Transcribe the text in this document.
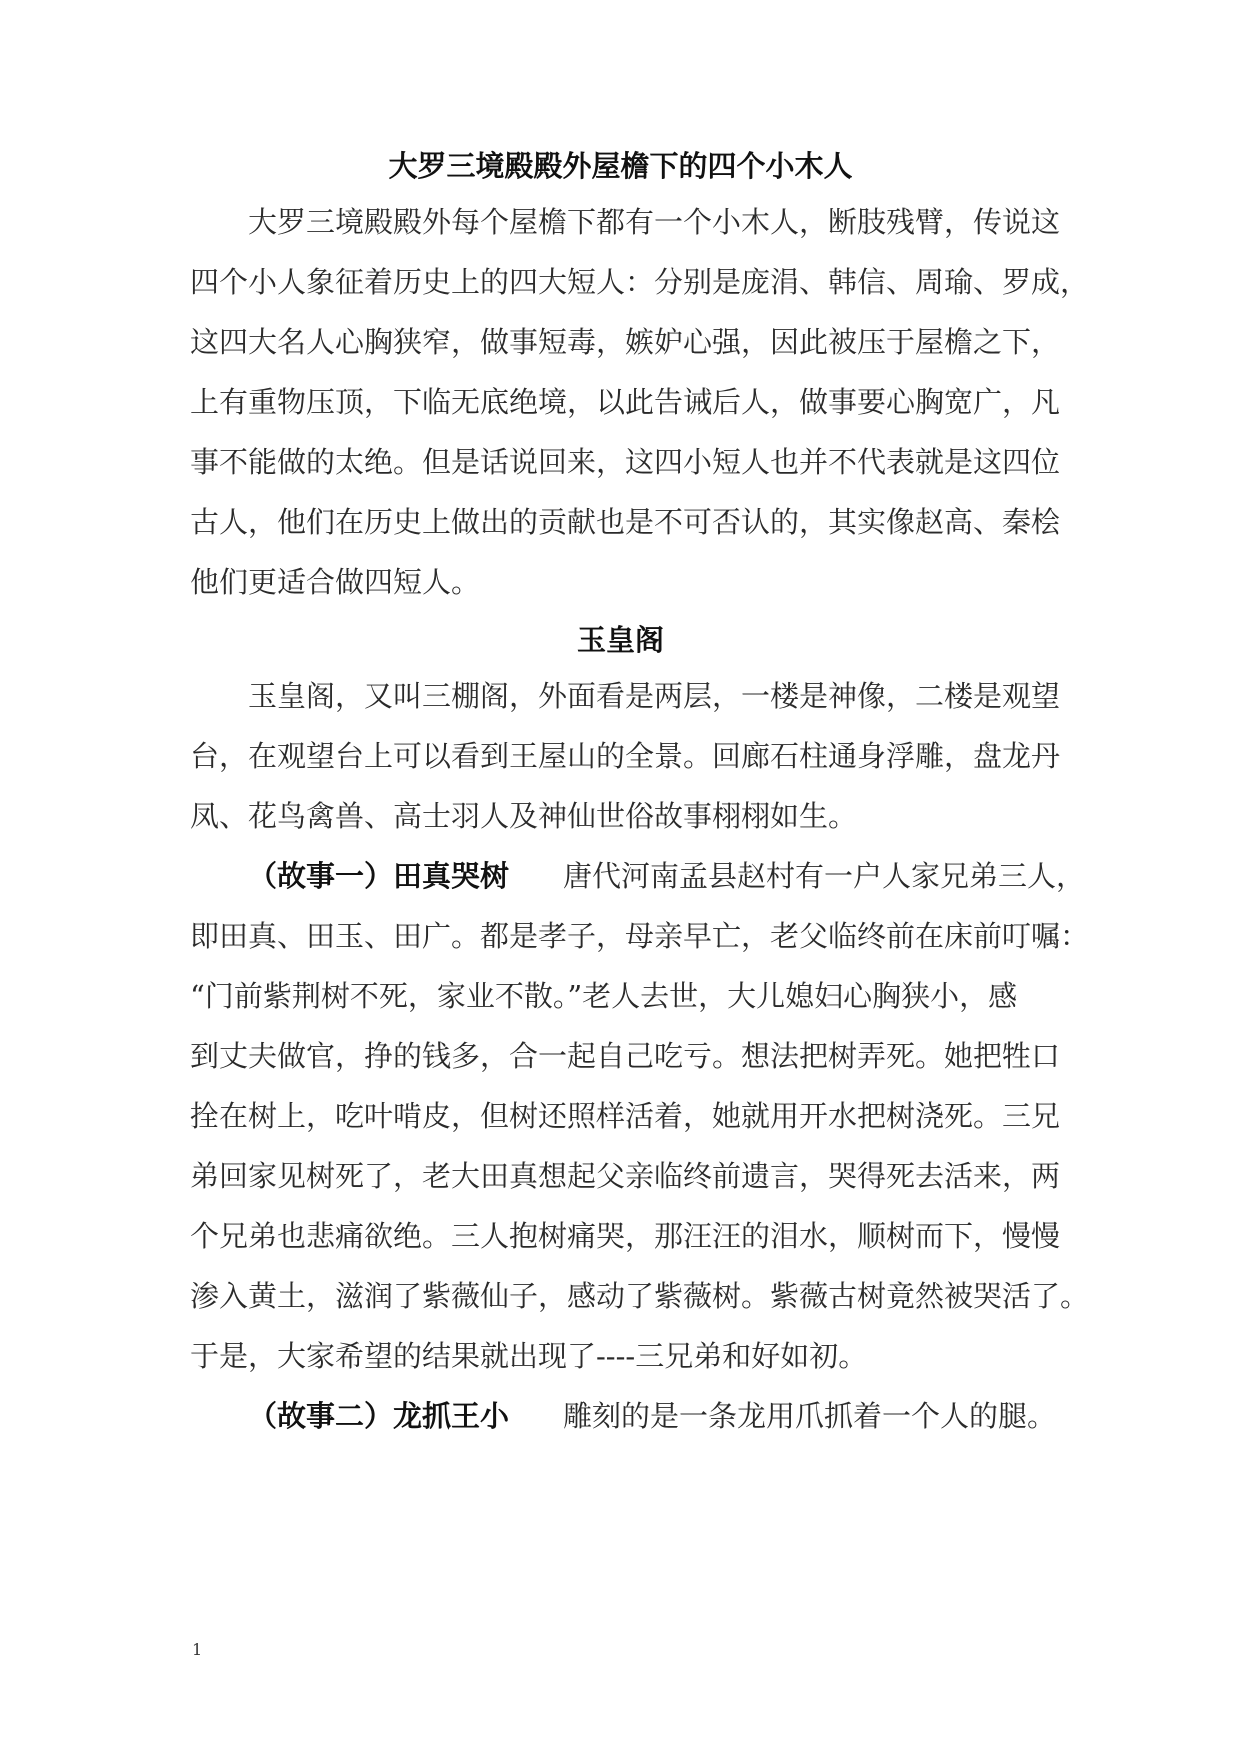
大罗三境殿殿外屋檐下的四个小木人
大罗三境殿殿外每个屋檐下都有一个小木人，断肢残臂，传说这
四个小人象征着历史上的四大短人：分别是庞涓、韩信、周瑜、罗成，
这四大名人心胸狭窄，做事短毒，嫉妒心强，因此被压于屋檐之下，
上有重物压顶，下临无底绝境，以此告诫后人，做事要心胸宽广，凡
事不能做的太绝。但是话说回来，这四小短人也并不代表就是这四位
古人，他们在历史上做出的贡献也是不可否认的，其实像赵高、秦桧
他们更适合做四短人。
玉皇阁
玉皇阁，又叫三棚阁，外面看是两层，一楼是神像，二楼是观望
台，在观望台上可以看到王屋山的全景。回廊石柱通身浮雕，盘龙丹
凤、花鸟禽兽、高士羽人及神仙世俗故事栩栩如生。
（故事一）田真哭树 唐代河南孟县赵村有一户人家兄弟三人，
即田真、田玉、田广。都是孝子，母亲早亡，老父临终前在床前叮嘱：
“门前紫荆树不死，家业不散。”老人去世，大儿媳妇心胸狭小，感
到丈夫做官，挣的钱多，合一起自己吃亏。想法把树弄死。她把牲口
拴在树上，吃叶啃皮，但树还照样活着，她就用开水把树浇死。三兄
弟回家见树死了，老大田真想起父亲临终前遗言，哭得死去活来，两
个兄弟也悲痛欲绝。三人抱树痛哭，那汪汪的泪水，顺树而下，慢慢
渗入黄土，滋润了紫薇仙子，感动了紫薇树。紫薇古树竟然被哭活了。
于是，大家希望的结果就出现了----三兄弟和好如初。
（故事二）龙抓王小 雕刻的是一条龙用爪抓着一个人的腿。
1
